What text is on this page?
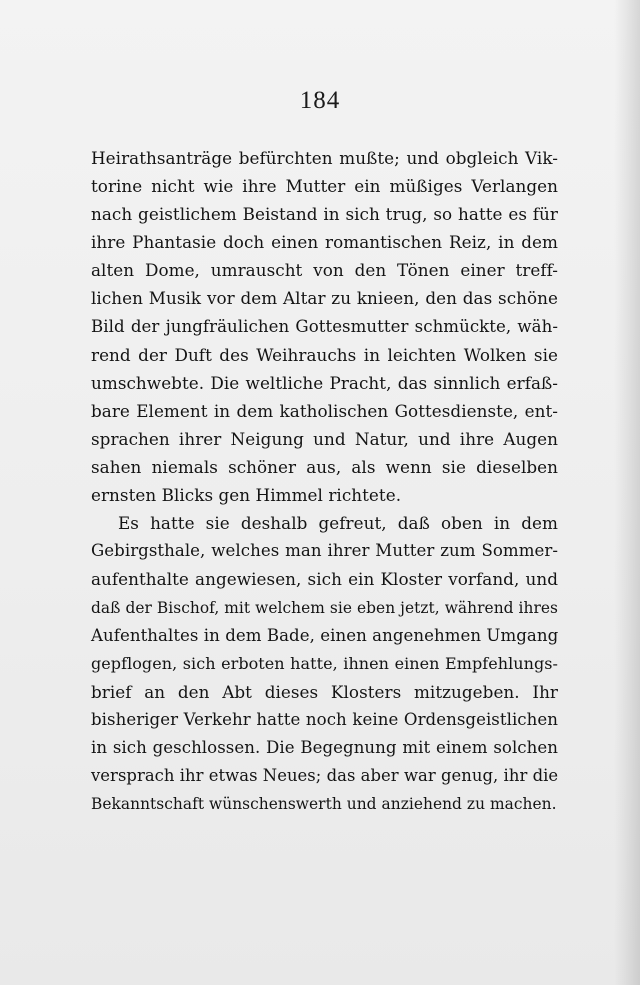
184
Heirathsanträge befürchten mußte; und obgleich Vik-
torine nicht wie ihre Mutter ein müßiges Verlangen
nach geistlichem Beistand in sich trug, so hatte es für
ihre Phantasie doch einen romantischen Reiz, in dem
alten Dome, umrauscht von den Tönen einer treff-
lichen Musik vor dem Altar zu knieen, den das schöne
Bild der jungfräulichen Gottesmutter schmückte, wäh-
rend der Duft des Weihrauchs in leichten Wolken sie
umschwebte. Die weltliche Pracht, das sinnlich erfaß-
bare Element in dem katholischen Gottesdienste, ent-
sprachen ihrer Neigung und Natur, und ihre Augen
sahen niemals schöner aus, als wenn sie dieselben
ernsten Blicks gen Himmel richtete.
Es hatte sie deshalb gefreut, daß oben in dem
Gebirgsthale, welches man ihrer Mutter zum Sommer-
aufenthalte angewiesen, sich ein Kloster vorfand, und
daß der Bischof, mit welchem sie eben jetzt, während ihres
Aufenthaltes in dem Bade, einen angenehmen Umgang
gepflogen, sich erboten hatte, ihnen einen Empfehlungs-
brief an den Abt dieses Klosters mitzugeben. Ihr
bisheriger Verkehr hatte noch keine Ordensgeistlichen
in sich geschlossen. Die Begegnung mit einem solchen
versprach ihr etwas Neues; das aber war genug, ihr die
Bekanntschaft wünschenswerth und anziehend zu machen.
